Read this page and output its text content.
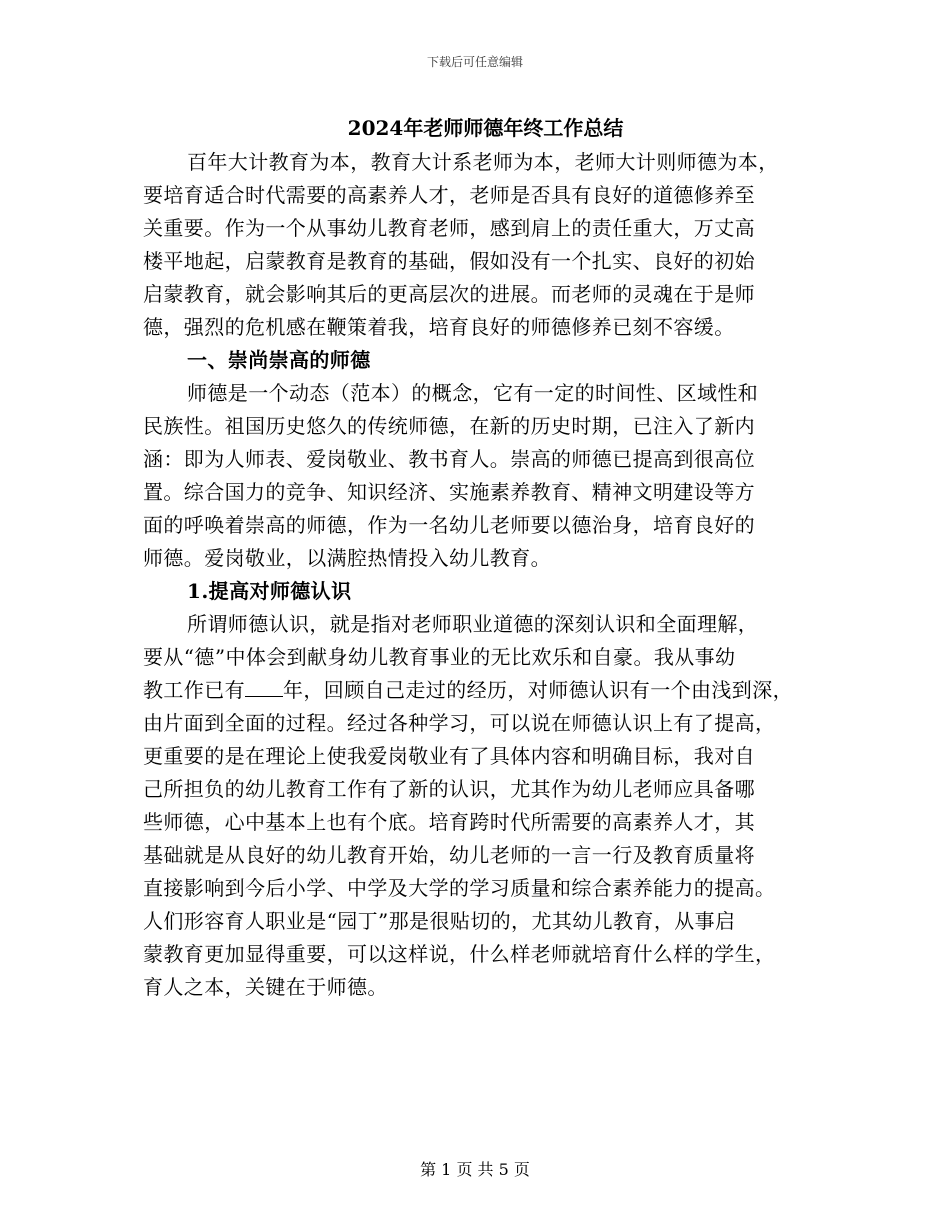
下载后可任意编辑
2024年老师师德年终工作总结
百年大计教育为本，教育大计系老师为本，老师大计则师德为本，
要培育适合时代需要的高素养人才，老师是否具有良好的道德修养至
关重要。作为一个从事幼儿教育老师，感到肩上的责任重大，万丈高
楼平地起，启蒙教育是教育的基础，假如没有一个扎实、良好的初始
启蒙教育，就会影响其后的更高层次的进展。而老师的灵魂在于是师
德，强烈的危机感在鞭策着我，培育良好的师德修养已刻不容缓。
一、崇尚崇高的师德
师德是一个动态（范本）的概念，它有一定的时间性、区域性和
民族性。祖国历史悠久的传统师德，在新的历史时期，已注入了新内
涵：即为人师表、爱岗敬业、教书育人。崇高的师德已提高到很高位
置。综合国力的竞争、知识经济、实施素养教育、精神文明建设等方
面的呼唤着崇高的师德，作为一名幼儿老师要以德治身，培育良好的
师德。爱岗敬业，以满腔热情投入幼儿教育。
1.提高对师德认识
所谓师德认识，就是指对老师职业道德的深刻认识和全面理解，
要从“德”中体会到献身幼儿教育事业的无比欢乐和自豪。我从事幼
教工作已有 年，回顾自己走过的经历，对师德认识有一个由浅到深，
由片面到全面的过程。经过各种学习，可以说在师德认识上有了提高，
更重要的是在理论上使我爱岗敬业有了具体内容和明确目标，我对自
己所担负的幼儿教育工作有了新的认识，尤其作为幼儿老师应具备哪
些师德，心中基本上也有个底。培育跨时代所需要的高素养人才，其
基础就是从良好的幼儿教育开始，幼儿老师的一言一行及教育质量将
直接影响到今后小学、中学及大学的学习质量和综合素养能力的提高。
人们形容育人职业是“园丁”那是很贴切的，尤其幼儿教育，从事启
蒙教育更加显得重要，可以这样说，什么样老师就培育什么样的学生，
育人之本，关键在于师德。
第 1 页 共 5 页
